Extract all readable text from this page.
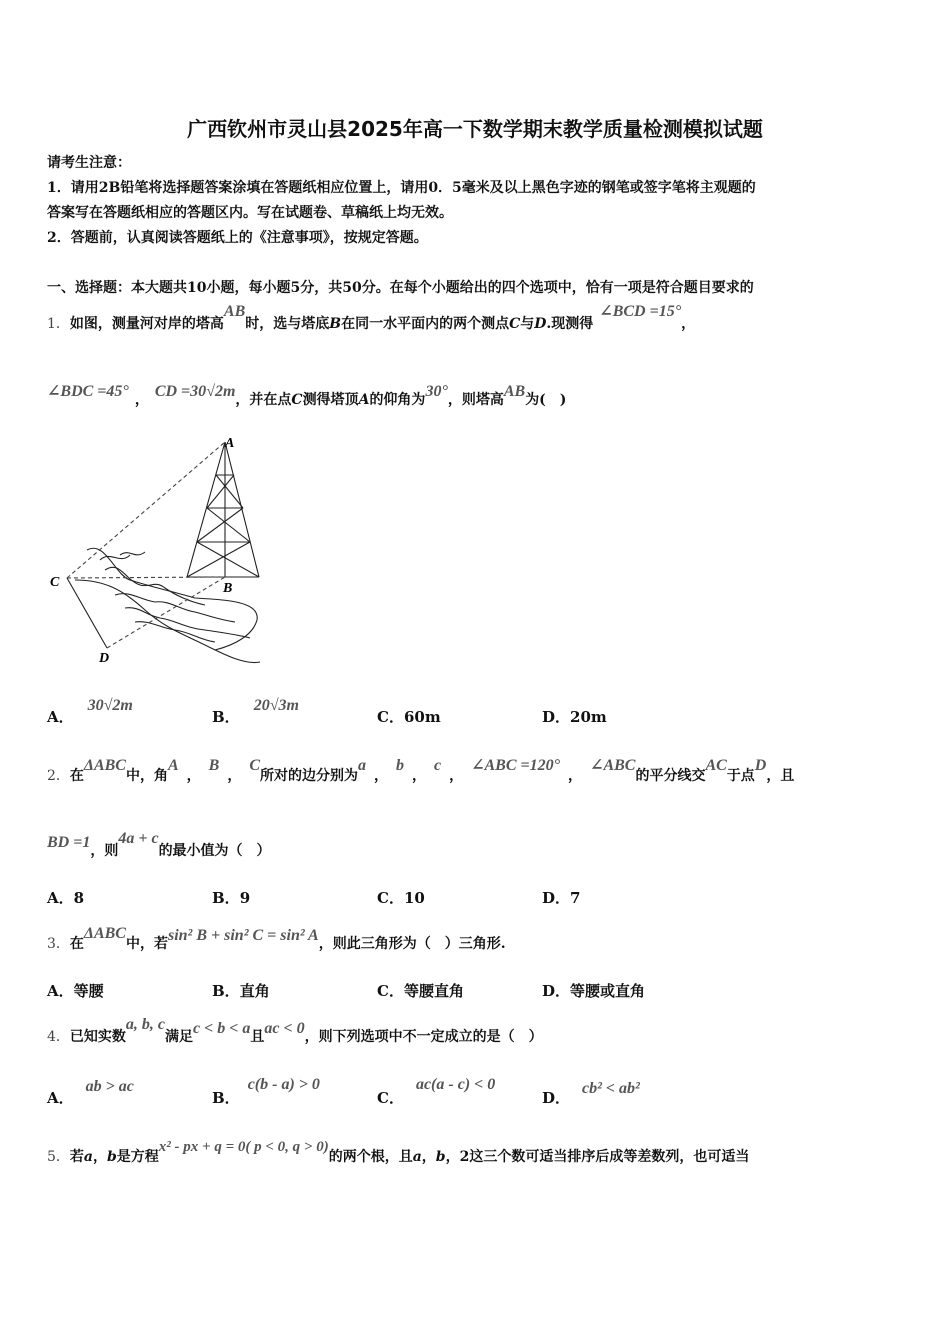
广西钦州市灵山县2025年高一下数学期末教学质量检测模拟试题
请考生注意：
1．请用2B铅笔将选择题答案涂填在答题纸相应位置上，请用0．5毫米及以上黑色字迹的钢笔或签字笔将主观题的
答案写在答题纸相应的答题区内。写在试题卷、草稿纸上均无效。
2．答题前，认真阅读答题纸上的《注意事项》，按规定答题。
一、选择题：本大题共10小题，每小题5分，共50分。在每个小题给出的四个选项中，恰有一项是符合题目要求的
1．如图，测量河对岸的塔高AB时，选与塔底B在同一水平面内的两个测点C与D.现测得∠BCD =15°，
∠BDC =45° ， CD =30√2m，并在点C测得塔顶A的仰角为30°，则塔高AB为(　)
A
B
C
D
A．30√2m
B．20√3m
C．60m	D．20m
2．在ΔABC中，角A，B，C所对的边分别为a，b，c，∠ABC =120°，∠ABC的平分线交AC于点D，且
BD =1，则4a + c的最小值为（　）
A．8	B．9	C．10	D．7
3．在ΔABC中，若sin² B + sin² C = sin² A，则此三角形为（　）三角形.
A．等腰	B．直角	C．等腰直角	D．等腰或直角
4．已知实数a, b, c满足c < b < a且ac < 0，则下列选项中不一定成立的是（　）
A．ab > ac
B．c(b - a) > 0
C．ac(a - c) < 0
D．cb² < ab²
5．若a，b是方程x² - px + q = 0( p < 0, q > 0)的两个根，且a，b，2这三个数可适当排序后成等差数列，也可适当
